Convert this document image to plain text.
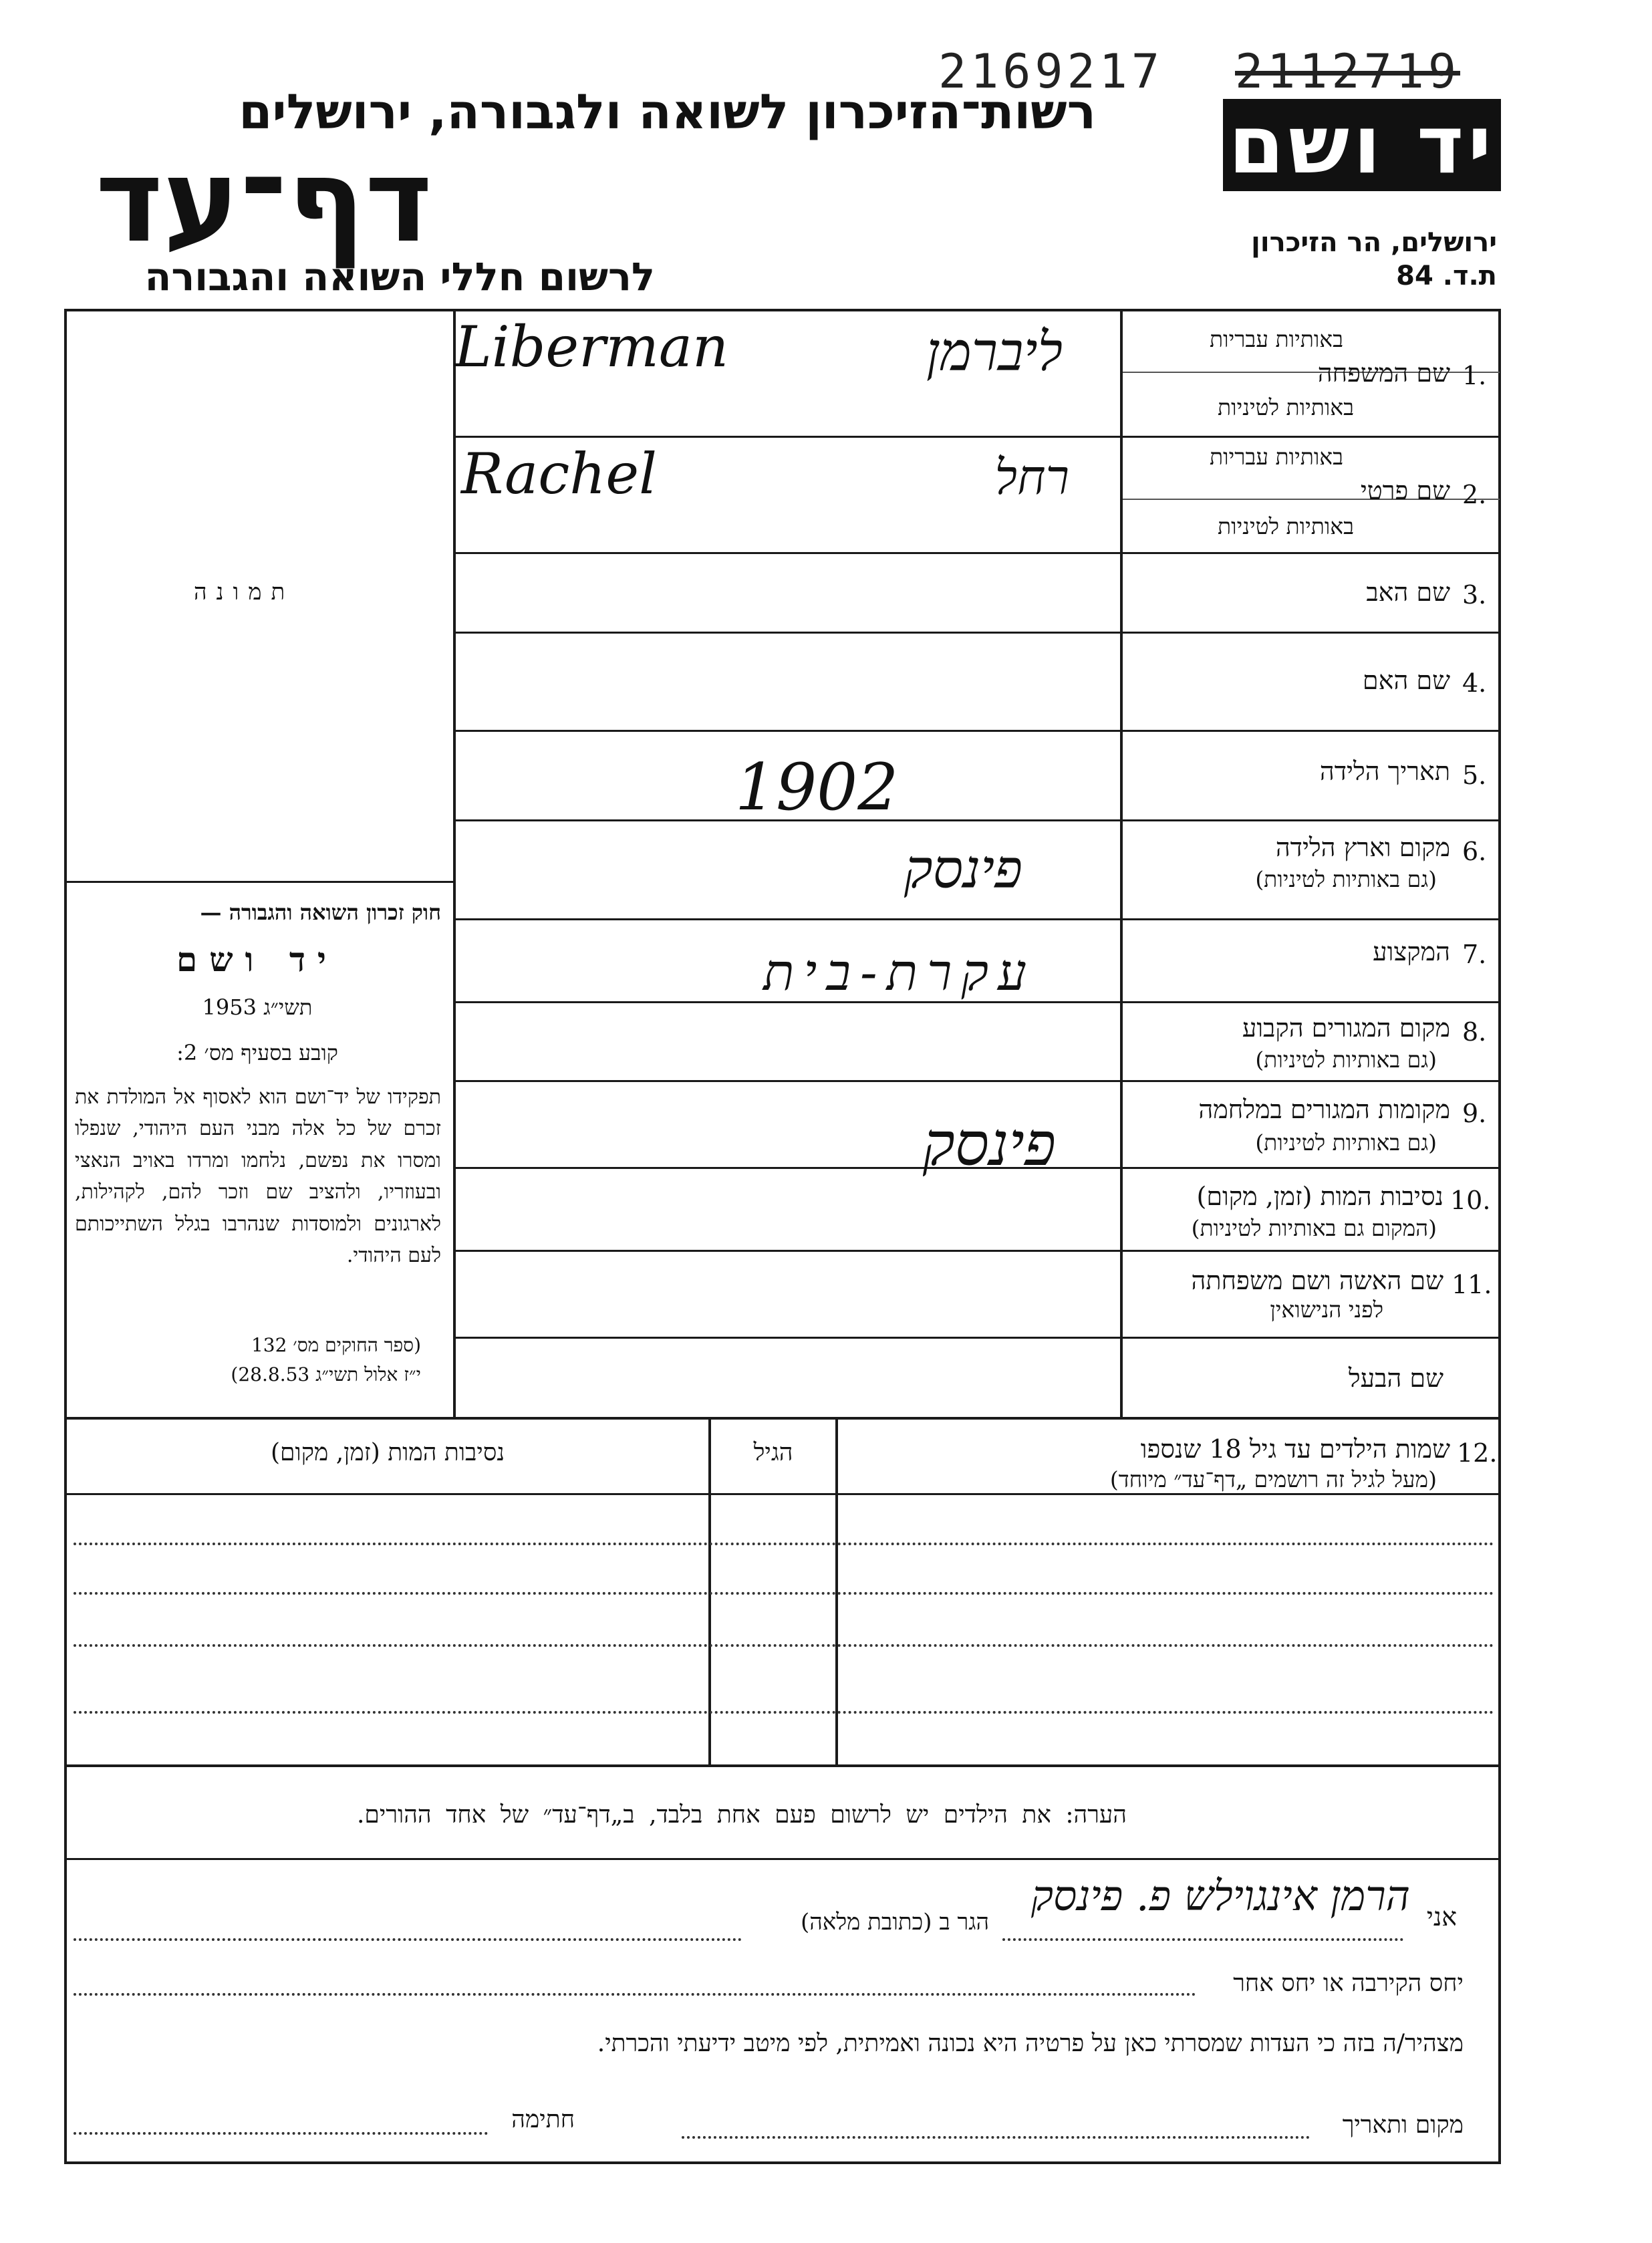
2169217 2112719
יד ושם
רשות־הזיכרון לשואה ולגבורה, ירושלים
דף־עד
לרשום חללי השואה והגבורה
ירושלים, הר הזיכרון
ת.ד. 84
תמונה
חוק זכרון השואה והגבורה —
יד ושם
תשי״ג 1953
קובע בסעיף מס׳ 2:
תפקידו של יד־ושם הוא לאסוף אל המולדת את זכרם של כל אלה מבני העם היהודי, שנפלו ומסרו את נפשם, נלחמו ומרדו באויב הנאצי ובעוזריו, ולהציב שם וזכר להם, לקהילות, לארגונים ולמוסדות שנהרבו בגלל השתייכותם לעם היהודי.
(ספר החוקים מס׳ 132
י״ז אלול תשי״ג 28.8.53)
1.
שם המשפחה
באותיות עבריות
באותיות לטיניות
2.
שם פרטי
באותיות עבריות
באותיות לטיניות
3.
שם האב
4.
שם האם
5.
תאריך הלידה
6.
מקום וארץ הלידה
(גם באותיות לטיניות)
7.
המקצוע
8.
מקום המגורים הקבוע
(גם באותיות לטיניות)
9.
מקומות המגורים במלחמה
(גם באותיות לטיניות)
10.
נסיבות המות (זמן, מקום)
(המקום גם באותיות לטיניות)
11.
שם האשה ושם משפחתה
לפני הנישואין
שם הבעל
Liberman	ליברמן
Rachel	רחל
1902
פינסק
עקרת-בית
פינסק
12.
שמות הילדים עד גיל 18 שנספו
(מעל לגיל זה רושמים „דף־עד״ מיוחד)
הגיל
נסיבות המות (זמן, מקום)
הערה: את הילדים יש לרשום פעם אחת בלבד, ב„דף־עד״ של אחד ההורים.
אני
הרמן אינגוילש פ. פינסק
הגר ב (כתובת מלאה)
יחס הקירבה או יחס אחר
מצהיר/ה בזה כי העדות שמסרתי כאן על פרטיה היא נכונה ואמיתית, לפי מיטב ידיעתי והכרתי.
מקום ותאריך
חתימה
